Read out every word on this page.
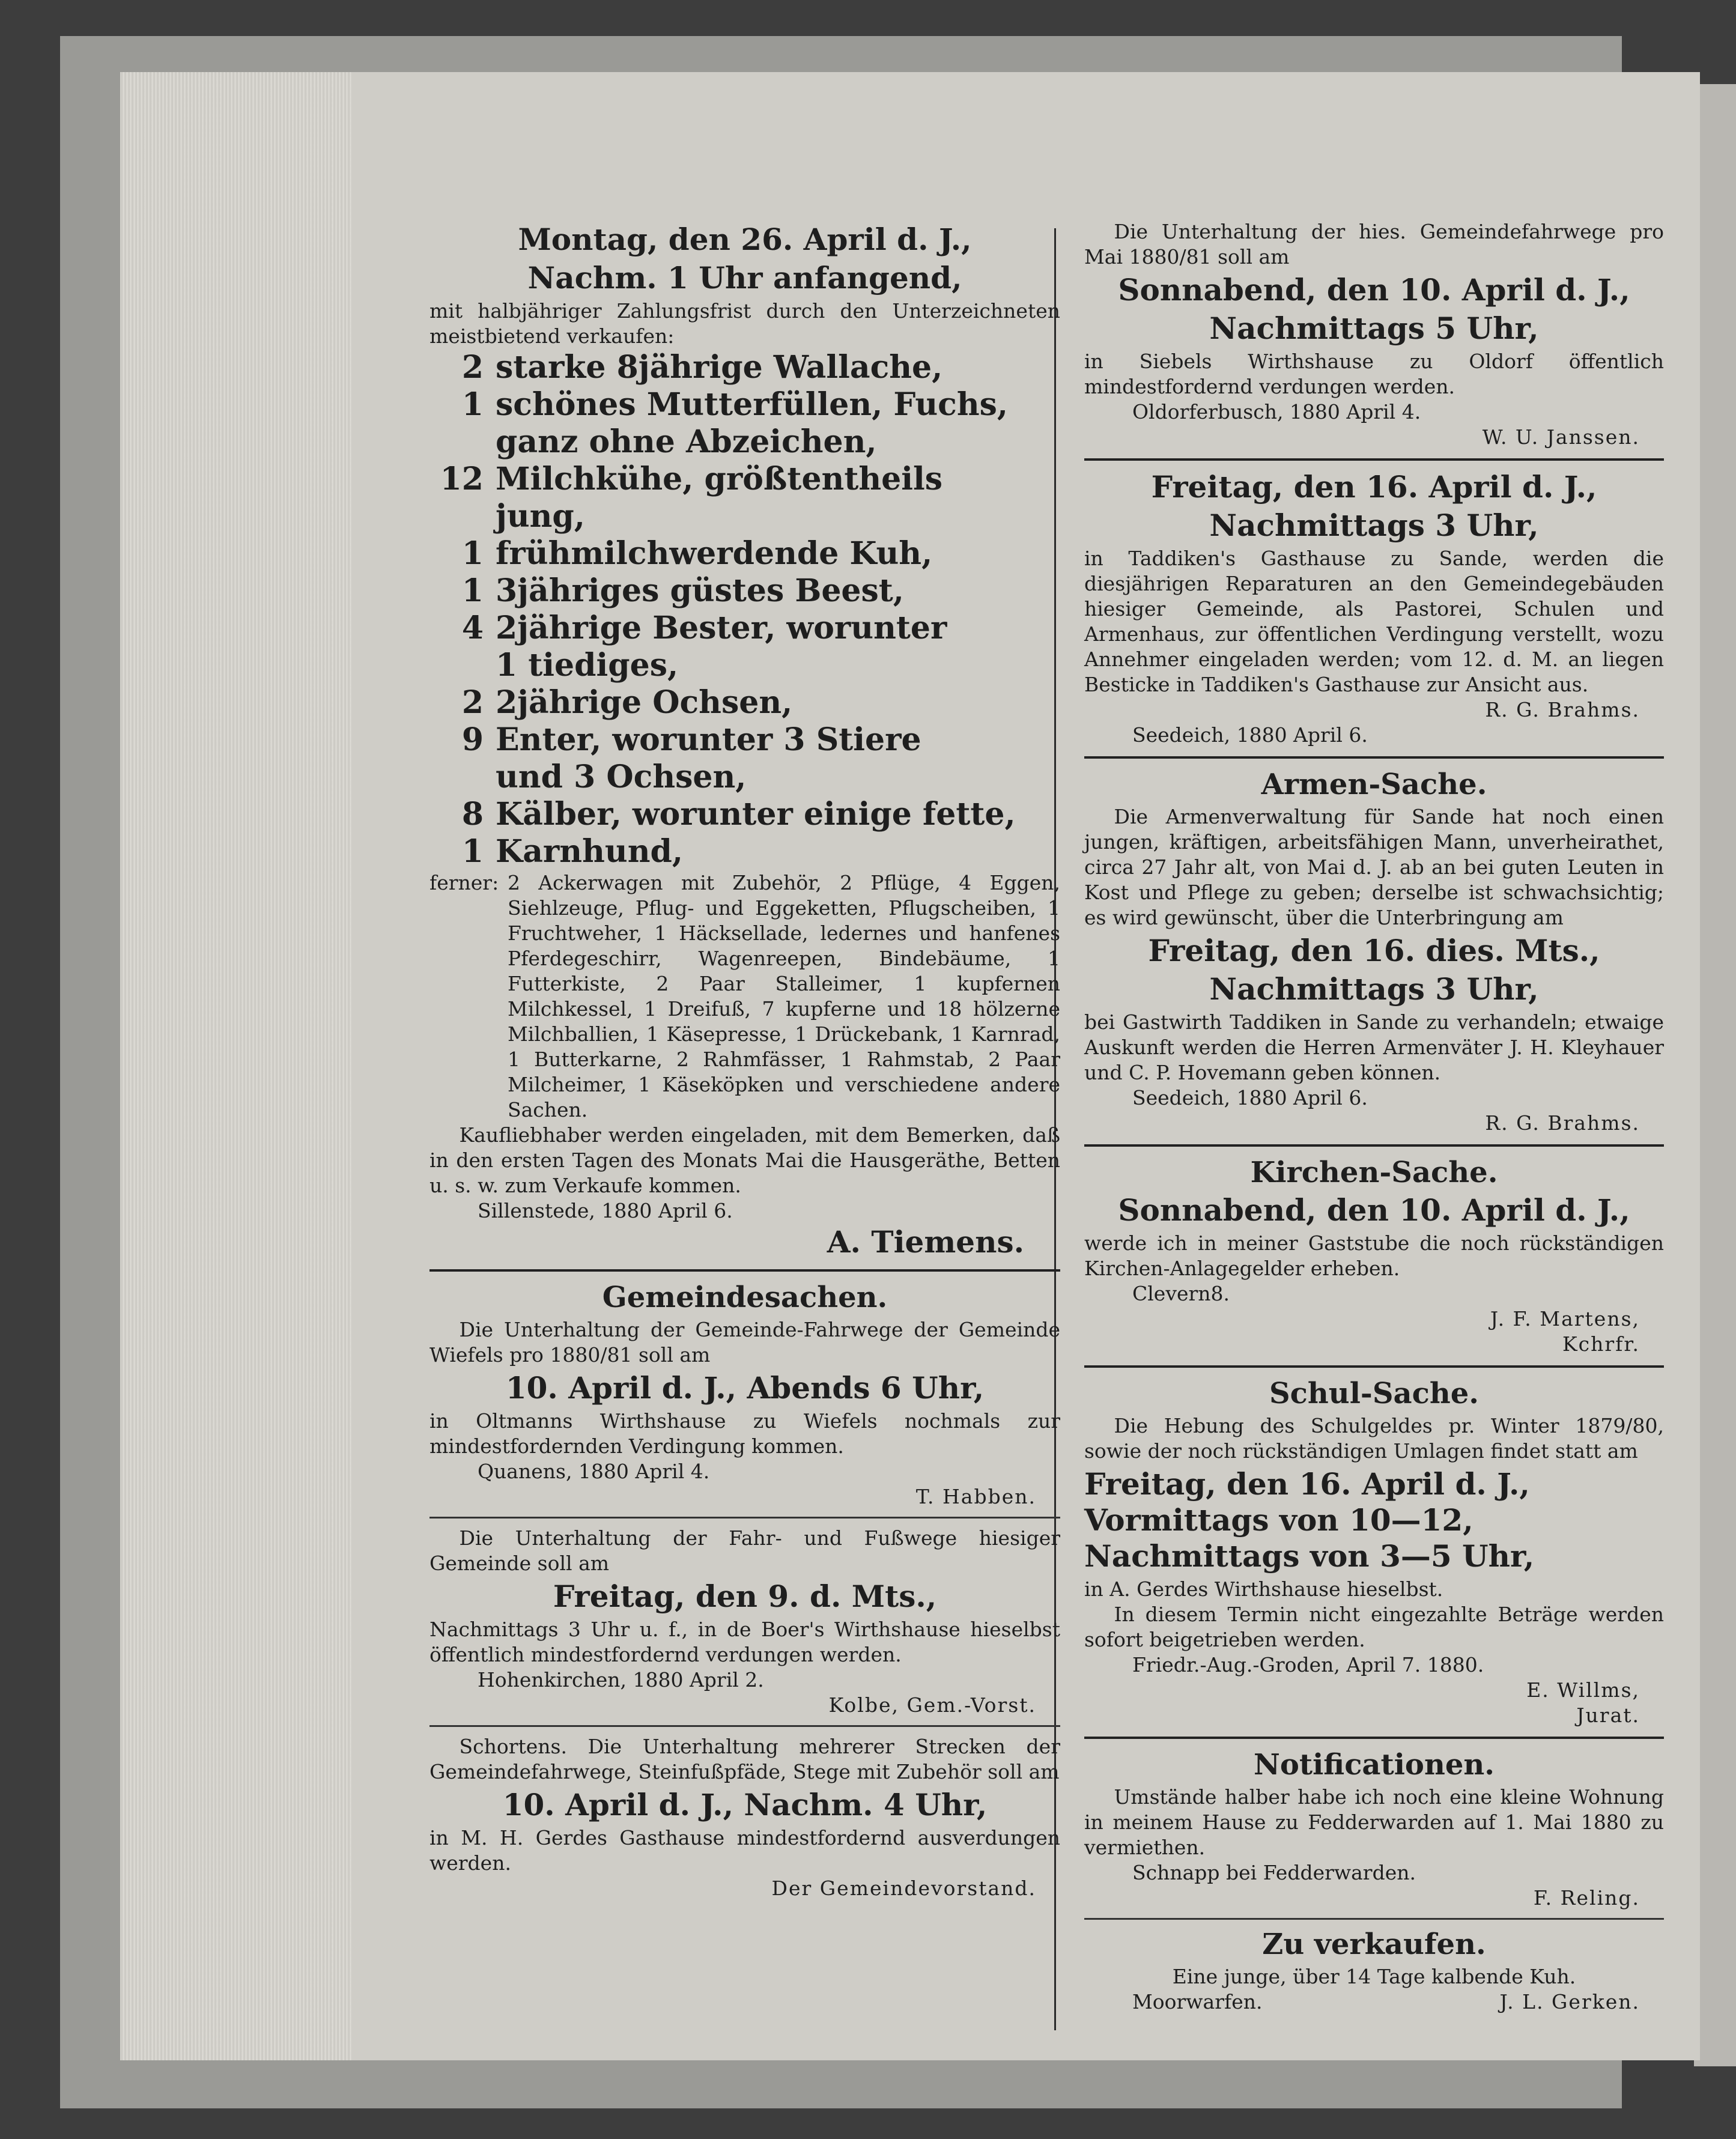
Montag, den 26. April d. J.,
Nachm. 1 Uhr anfangend,
mit halbjähriger Zahlungsfrist durch den Unterzeichneten meistbietend verkaufen:
2 starke 8jährige Wallache,
1 schönes Mutterfüllen, Fuchs,
ganz ohne Abzeichen,
12 Milchkühe, größtentheils
jung,
1 frühmilchwerdende Kuh,
1 3jähriges güstes Beest,
4 2jährige Bester, worunter
1 tiediges,
2 2jährige Ochsen,
9 Enter, worunter 3 Stiere
und 3 Ochsen,
8 Kälber, worunter einige fette,
1 Karnhund,
ferner: 2 Ackerwagen mit Zubehör, 2 Pflüge, 4 Eggen, Siehlzeuge, Pflug- und Eggeketten, Pflugscheiben, 1 Fruchtweher, 1 Häcksellade, ledernes und hanfenes Pferdegeschirr, Wagenreepen, Bindebäume, 1 Futterkiste, 2 Paar Stalleimer, 1 kupfernen Milchkessel, 1 Dreifuß, 7 kupferne und 18 hölzerne Milchballien, 1 Käsepresse, 1 Drückebank, 1 Karnrad, 1 Butterkarne, 2 Rahmfässer, 1 Rahmstab, 2 Paar Milcheimer, 1 Käseköpken und verschiedene andere Sachen.
Kaufliebhaber werden eingeladen, mit dem Bemerken, daß in den ersten Tagen des Monats Mai die Hausgeräthe, Betten u. s. w. zum Verkaufe kommen.
Sillenstede, 1880 April 6.
A. Tiemens.
Gemeindesachen.
Die Unterhaltung der Gemeinde-Fahrwege der Gemeinde Wiefels pro 1880/81 soll am
10. April d. J., Abends 6 Uhr,
in Oltmanns Wirthshause zu Wiefels nochmals zur mindestfordernden Verdingung kommen.
Quanens, 1880 April 4.
T. Habben.
Die Unterhaltung der Fahr- und Fußwege hiesiger Gemeinde soll am
Freitag, den 9. d. Mts.,
Nachmittags 3 Uhr u. f., in de Boer's Wirthshause hieselbst öffentlich mindestfordernd verdungen werden.
Hohenkirchen, 1880 April 2.
Kolbe, Gem.-Vorst.
Schortens. Die Unterhaltung mehrerer Strecken der Gemeindefahrwege, Steinfußpfäde, Stege mit Zubehör soll am
10. April d. J., Nachm. 4 Uhr,
in M. H. Gerdes Gasthause mindestfordernd ausverdungen werden.
Der Gemeindevorstand.
Die Unterhaltung der hies. Gemeindefahrwege pro Mai 1880/81 soll am
Sonnabend, den 10. April d. J.,
Nachmittags 5 Uhr,
in Siebels Wirthshause zu Oldorf öffentlich mindestfordernd verdungen werden.
Oldorferbusch, 1880 April 4.
W. U. Janssen.
Freitag, den 16. April d. J.,
Nachmittags 3 Uhr,
in Taddiken's Gasthause zu Sande, werden die diesjährigen Reparaturen an den Gemeindegebäuden hiesiger Gemeinde, als Pastorei, Schulen und Armenhaus, zur öffentlichen Verdingung verstellt, wozu Annehmer eingeladen werden; vom 12. d. M. an liegen Besticke in Taddiken's Gasthause zur Ansicht aus.
R. G. Brahms.
Seedeich, 1880 April 6.
Armen-Sache.
Die Armenverwaltung für Sande hat noch einen jungen, kräftigen, arbeitsfähigen Mann, unverheirathet, circa 27 Jahr alt, von Mai d. J. ab an bei guten Leuten in Kost und Pflege zu geben; derselbe ist schwachsichtig; es wird gewünscht, über die Unterbringung am
Freitag, den 16. dies. Mts.,
Nachmittags 3 Uhr,
bei Gastwirth Taddiken in Sande zu verhandeln; etwaige Auskunft werden die Herren Armenväter J. H. Kleyhauer und C. P. Hovemann geben können.
Seedeich, 1880 April 6.
R. G. Brahms.
Kirchen-Sache.
Sonnabend, den 10. April d. J.,
werde ich in meiner Gaststube die noch rückständigen Kirchen-Anlagegelder erheben.
Clevern8.
J. F. Martens,
Kchrfr.
Schul-Sache.
Die Hebung des Schulgeldes pr. Winter 1879/80, sowie der noch rückständigen Umlagen findet statt am
Freitag, den 16. April d. J., Vormittags von 10—12, Nachmittags von 3—5 Uhr,
in A. Gerdes Wirthshause hieselbst.
In diesem Termin nicht eingezahlte Beträge werden sofort beigetrieben werden.
Friedr.-Aug.-Groden, April 7. 1880.
E. Willms,
Jurat.
Notificationen.
Umstände halber habe ich noch eine kleine Wohnung in meinem Hause zu Fedderwarden auf 1. Mai 1880 zu vermiethen.
Schnapp bei Fedderwarden.
F. Reling.
Zu verkaufen.
Eine junge, über 14 Tage kalbende Kuh.
Moorwarfen.	J. L. Gerken.
